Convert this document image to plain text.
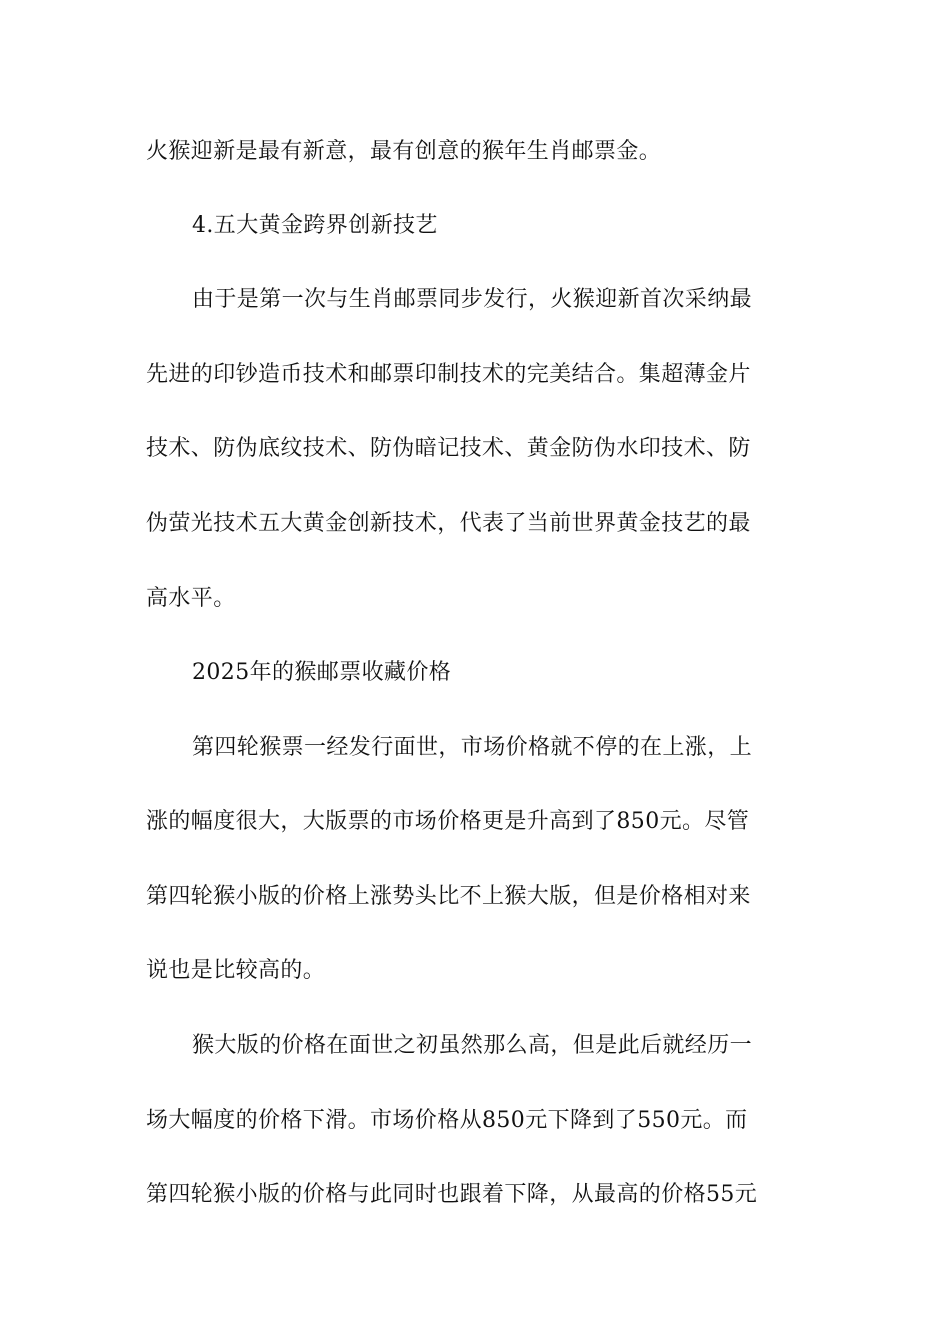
火猴迎新是最有新意，最有创意的猴年生肖邮票金。
4.五大黄金跨界创新技艺
由于是第一次与生肖邮票同步发行，火猴迎新首次采纳最
先进的印钞造币技术和邮票印制技术的完美结合。集超薄金片
技术、防伪底纹技术、防伪暗记技术、黄金防伪水印技术、防
伪萤光技术五大黄金创新技术，代表了当前世界黄金技艺的最
高水平。
2025年的猴邮票收藏价格
第四轮猴票一经发行面世，市场价格就不停的在上涨，上
涨的幅度很大，大版票的市场价格更是升高到了850元。尽管
第四轮猴小版的价格上涨势头比不上猴大版，但是价格相对来
说也是比较高的。
猴大版的价格在面世之初虽然那么高，但是此后就经历一
场大幅度的价格下滑。市场价格从850元下降到了550元。而
第四轮猴小版的价格与此同时也跟着下降，从最高的价格55元
